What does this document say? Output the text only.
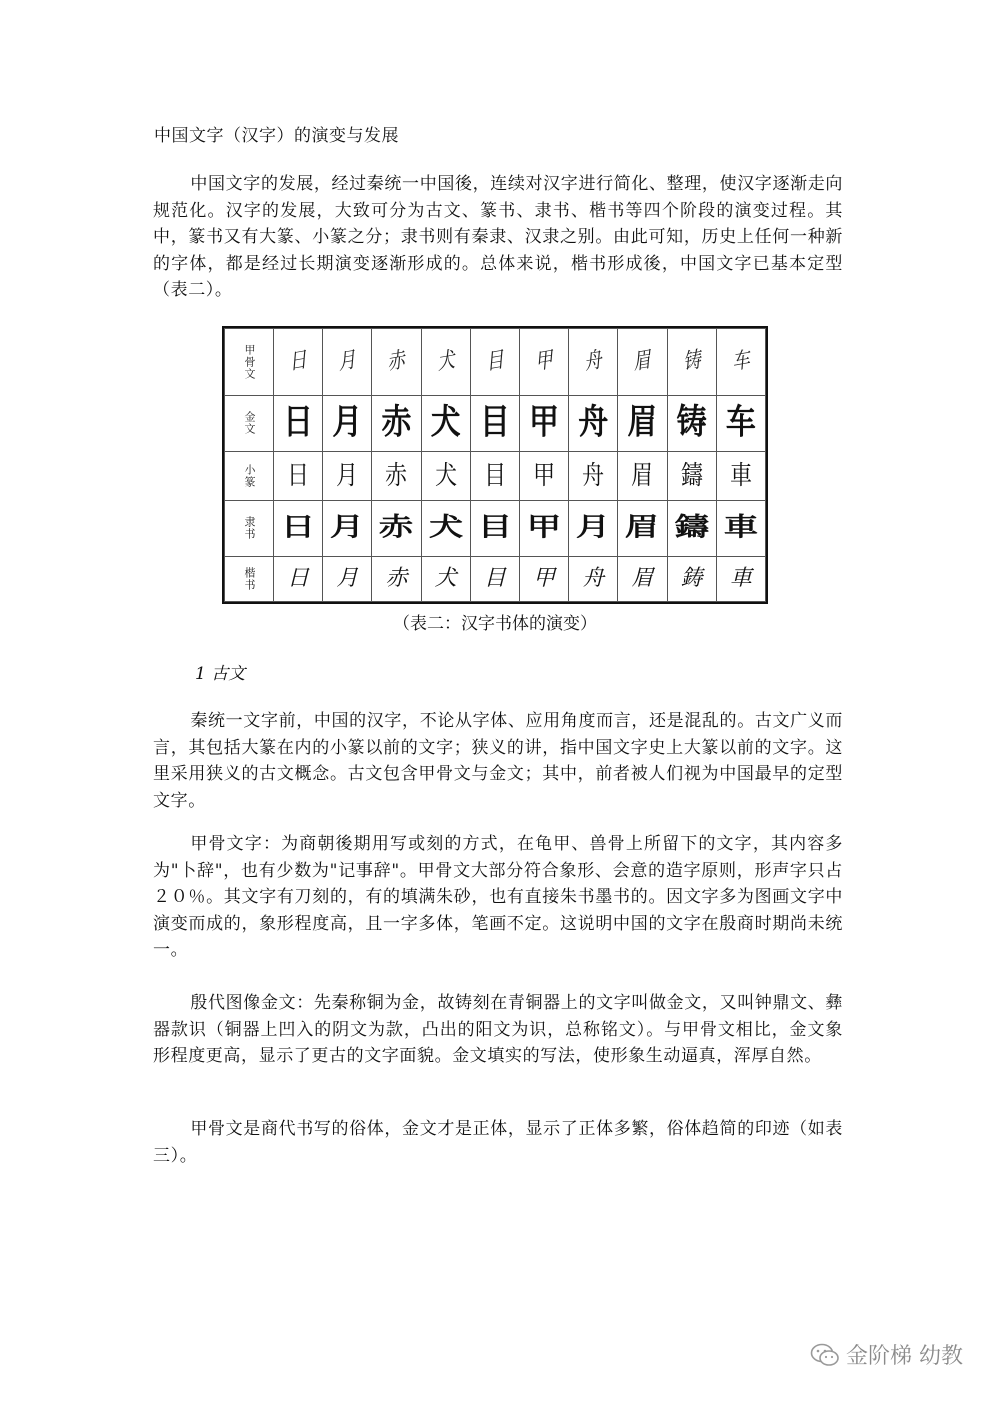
中国文字（汉字）的演变与发展

中国文字的发展，经过秦统一中国後，连续对汉字进行简化、整理，使汉字逐渐走向规范化。汉字的发展，大致可分为古文、篆书、隶书、楷书等四个阶段的演变过程。其中，篆书又有大篆、小篆之分；隶书则有秦隶、汉隶之别。由此可知，历史上任何一种新的字体，都是经过长期演变逐渐形成的。总体来说，楷书形成後，中国文字已基本定型（表二）。

甲骨文	日	月	赤	犬	目	甲	舟	眉	铸	车
金文	日	月	赤	犬	目	甲	舟	眉	铸	车
小篆	日	月	赤	犬	目	甲	舟	眉	鑄	車
隶书	日	月	赤	犬	目	甲	月	眉	鑄	車
楷书	日	月	赤	犬	目	甲	舟	眉	鋳	車
（表二：汉字书体的演变）
1 古文

秦统一文字前，中国的汉字，不论从字体、应用角度而言，还是混乱的。古文广义而言，其包括大篆在内的小篆以前的文字；狭义的讲，指中国文字史上大篆以前的文字。这里采用狭义的古文概念。古文包含甲骨文与金文；其中，前者被人们视为中国最早的定型文字。

甲骨文字：为商朝後期用写或刻的方式，在龟甲、兽骨上所留下的文字，其内容多为"卜辞"，也有少数为"记事辞"。甲骨文大部分符合象形、会意的造字原则，形声字只占２０％。其文字有刀刻的，有的填满朱砂，也有直接朱书墨书的。因文字多为图画文字中演变而成的，象形程度高，且一字多体，笔画不定。这说明中国的文字在殷商时期尚未统一。

殷代图像金文：先秦称铜为金，故铸刻在青铜器上的文字叫做金文，又叫钟鼎文、彝器款识（铜器上凹入的阴文为款，凸出的阳文为识，总称铭文）。与甲骨文相比，金文象形程度更高，显示了更古的文字面貌。金文填实的写法，使形象生动逼真，浑厚自然。

甲骨文是商代书写的俗体，金文才是正体，显示了正体多繁，俗体趋简的印迹（如表三）。

金阶梯 幼教
